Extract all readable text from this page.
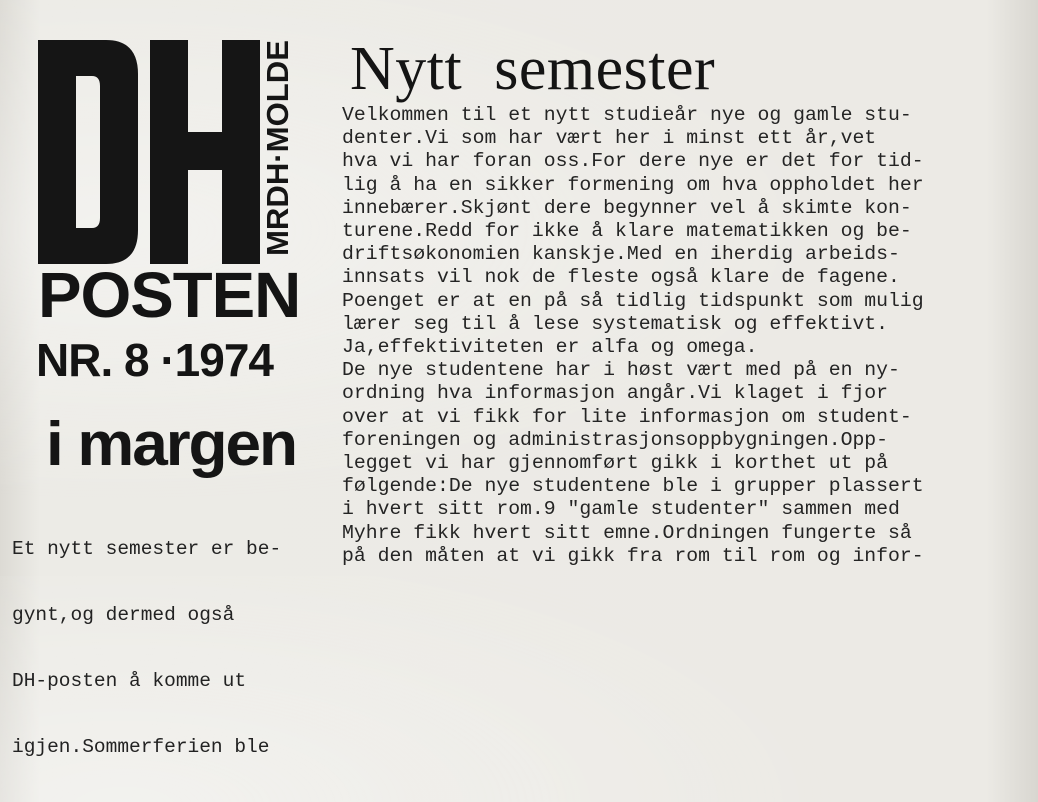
MRDH·MOLDE
POSTEN
NR. 8 ·1974
i margen

Et nytt semester er be-

gynt,og dermed også

DH-posten å komme ut

igjen.Sommerferien ble

Nytt  semester
Velkommen til et nytt studieår nye og gamle stu-
denter.Vi som har vært her i minst ett år,vet
hva vi har foran oss.For dere nye er det for tid-
lig å ha en sikker formening om hva oppholdet her
innebærer.Skjønt dere begynner vel å skimte kon-
turene.Redd for ikke å klare matematikken og be-
driftsøkonomien kanskje.Med en iherdig arbeids-
innsats vil nok de fleste også klare de fagene.
Poenget er at en på så tidlig tidspunkt som mulig
lærer seg til å lese systematisk og effektivt.
Ja,effektiviteten er alfa og omega.
De nye studentene har i høst vært med på en ny-
ordning hva informasjon angår.Vi klaget i fjor
over at vi fikk for lite informasjon om student-
foreningen og administrasjonsoppbygningen.Opp-
legget vi har gjennomført gikk i korthet ut på
følgende:De nye studentene ble i grupper plassert
i hvert sitt rom.9 "gamle studenter" sammen med
Myhre fikk hvert sitt emne.Ordningen fungerte så
på den måten at vi gikk fra rom til rom og infor-
